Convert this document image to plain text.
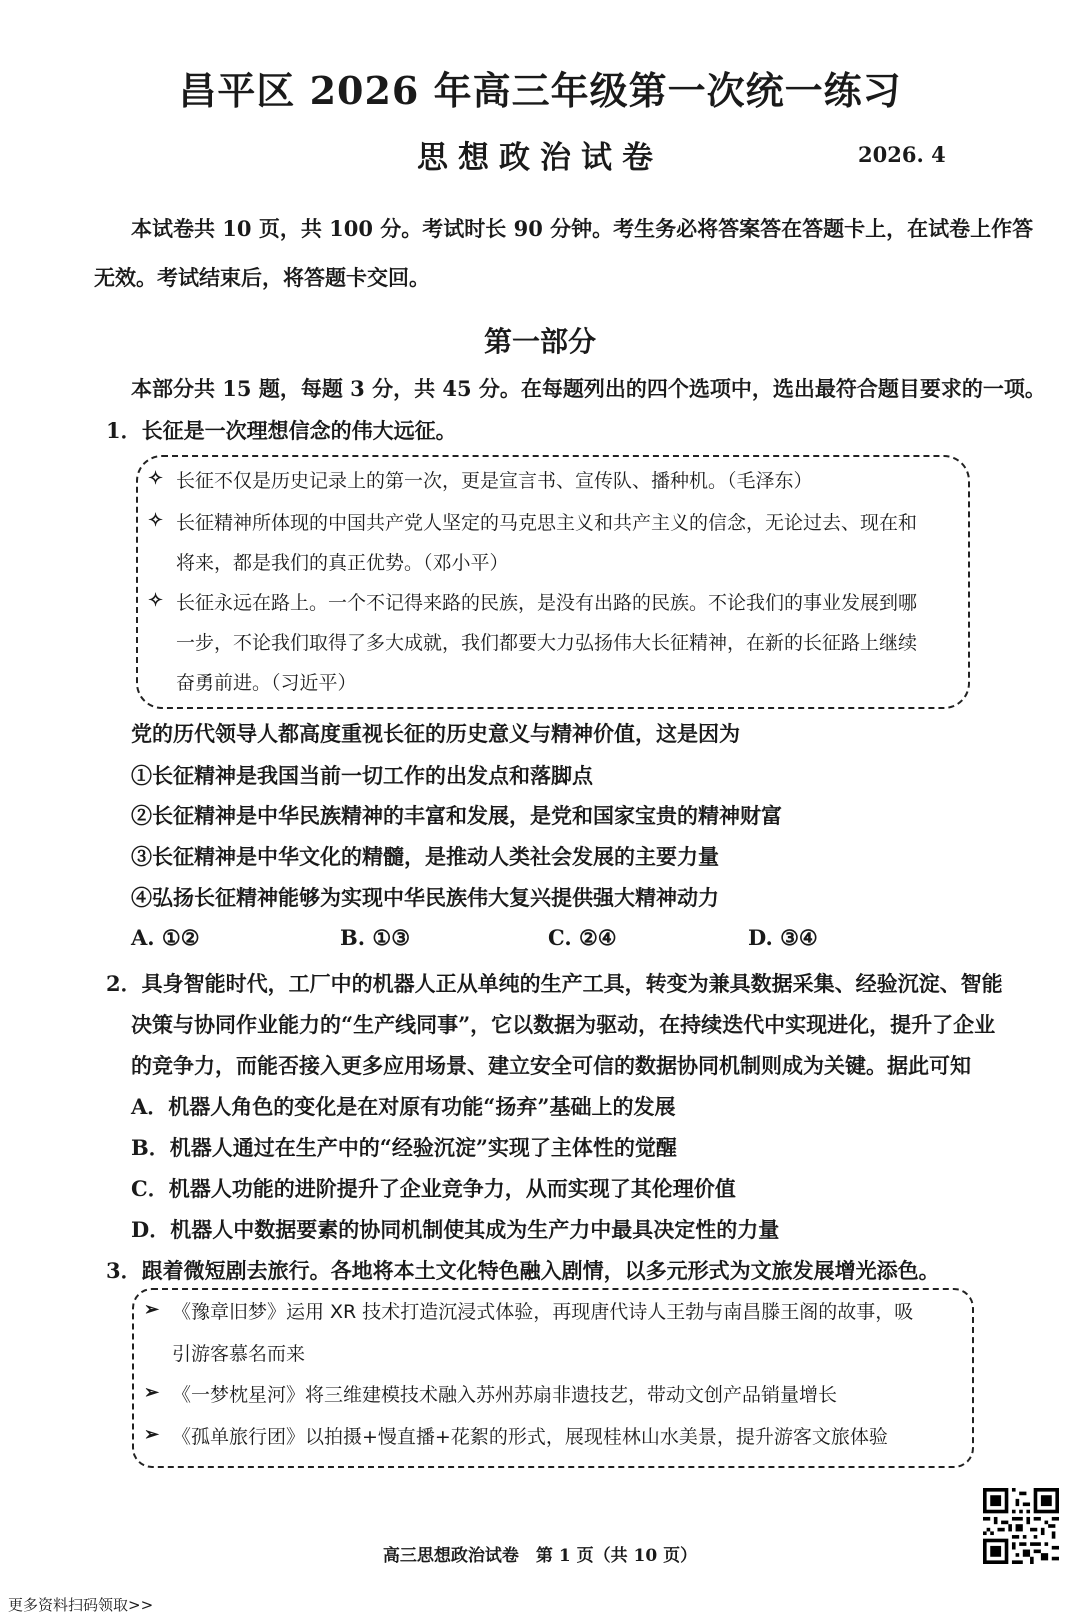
昌平区 2026 年高三年级第一次统一练习
思想政治试卷	2026. 4
本试卷共 10 页，共 100 分。考试时长 90 分钟。考生务必将答案答在答题卡上，在试卷上作答
无效。考试结束后，将答题卡交回。
第一部分
本部分共 15 题，每题 3 分，共 45 分。在每题列出的四个选项中，选出最符合题目要求的一项。
1．长征是一次理想信念的伟大远征。
✧ 长征不仅是历史记录上的第一次，更是宣言书、宣传队、播种机。（毛泽东）
✧ 长征精神所体现的中国共产党人坚定的马克思主义和共产主义的信念，无论过去、现在和
将来，都是我们的真正优势。（邓小平）
✧ 长征永远在路上。一个不记得来路的民族，是没有出路的民族。不论我们的事业发展到哪
一步，不论我们取得了多大成就，我们都要大力弘扬伟大长征精神，在新的长征路上继续
奋勇前进。（习近平）
党的历代领导人都高度重视长征的历史意义与精神价值，这是因为
①长征精神是我国当前一切工作的出发点和落脚点
②长征精神是中华民族精神的丰富和发展，是党和国家宝贵的精神财富
③长征精神是中华文化的精髓，是推动人类社会发展的主要力量
④弘扬长征精神能够为实现中华民族伟大复兴提供强大精神动力
A. ①②	B. ①③	C. ②④	D. ③④
2．具身智能时代，工厂中的机器人正从单纯的生产工具，转变为兼具数据采集、经验沉淀、智能
决策与协同作业能力的“生产线同事”，它以数据为驱动，在持续迭代中实现进化，提升了企业
的竞争力，而能否接入更多应用场景、建立安全可信的数据协同机制则成为关键。据此可知
A．机器人角色的变化是在对原有功能“扬弃”基础上的发展
B．机器人通过在生产中的“经验沉淀”实现了主体性的觉醒
C．机器人功能的进阶提升了企业竞争力，从而实现了其伦理价值
D．机器人中数据要素的协同机制使其成为生产力中最具决定性的力量
3．跟着微短剧去旅行。各地将本土文化特色融入剧情，以多元形式为文旅发展增光添色。
➢ 《豫章旧梦》运用 XR 技术打造沉浸式体验，再现唐代诗人王勃与南昌滕王阁的故事，吸
引游客慕名而来
➢ 《一梦枕星河》将三维建模技术融入苏州苏扇非遗技艺，带动文创产品销量增长
➢ 《孤单旅行团》以拍摄+慢直播+花絮的形式，展现桂林山水美景，提升游客文旅体验
高三思想政治试卷　第 1 页（共 10 页）
更多资料扫码领取>>
